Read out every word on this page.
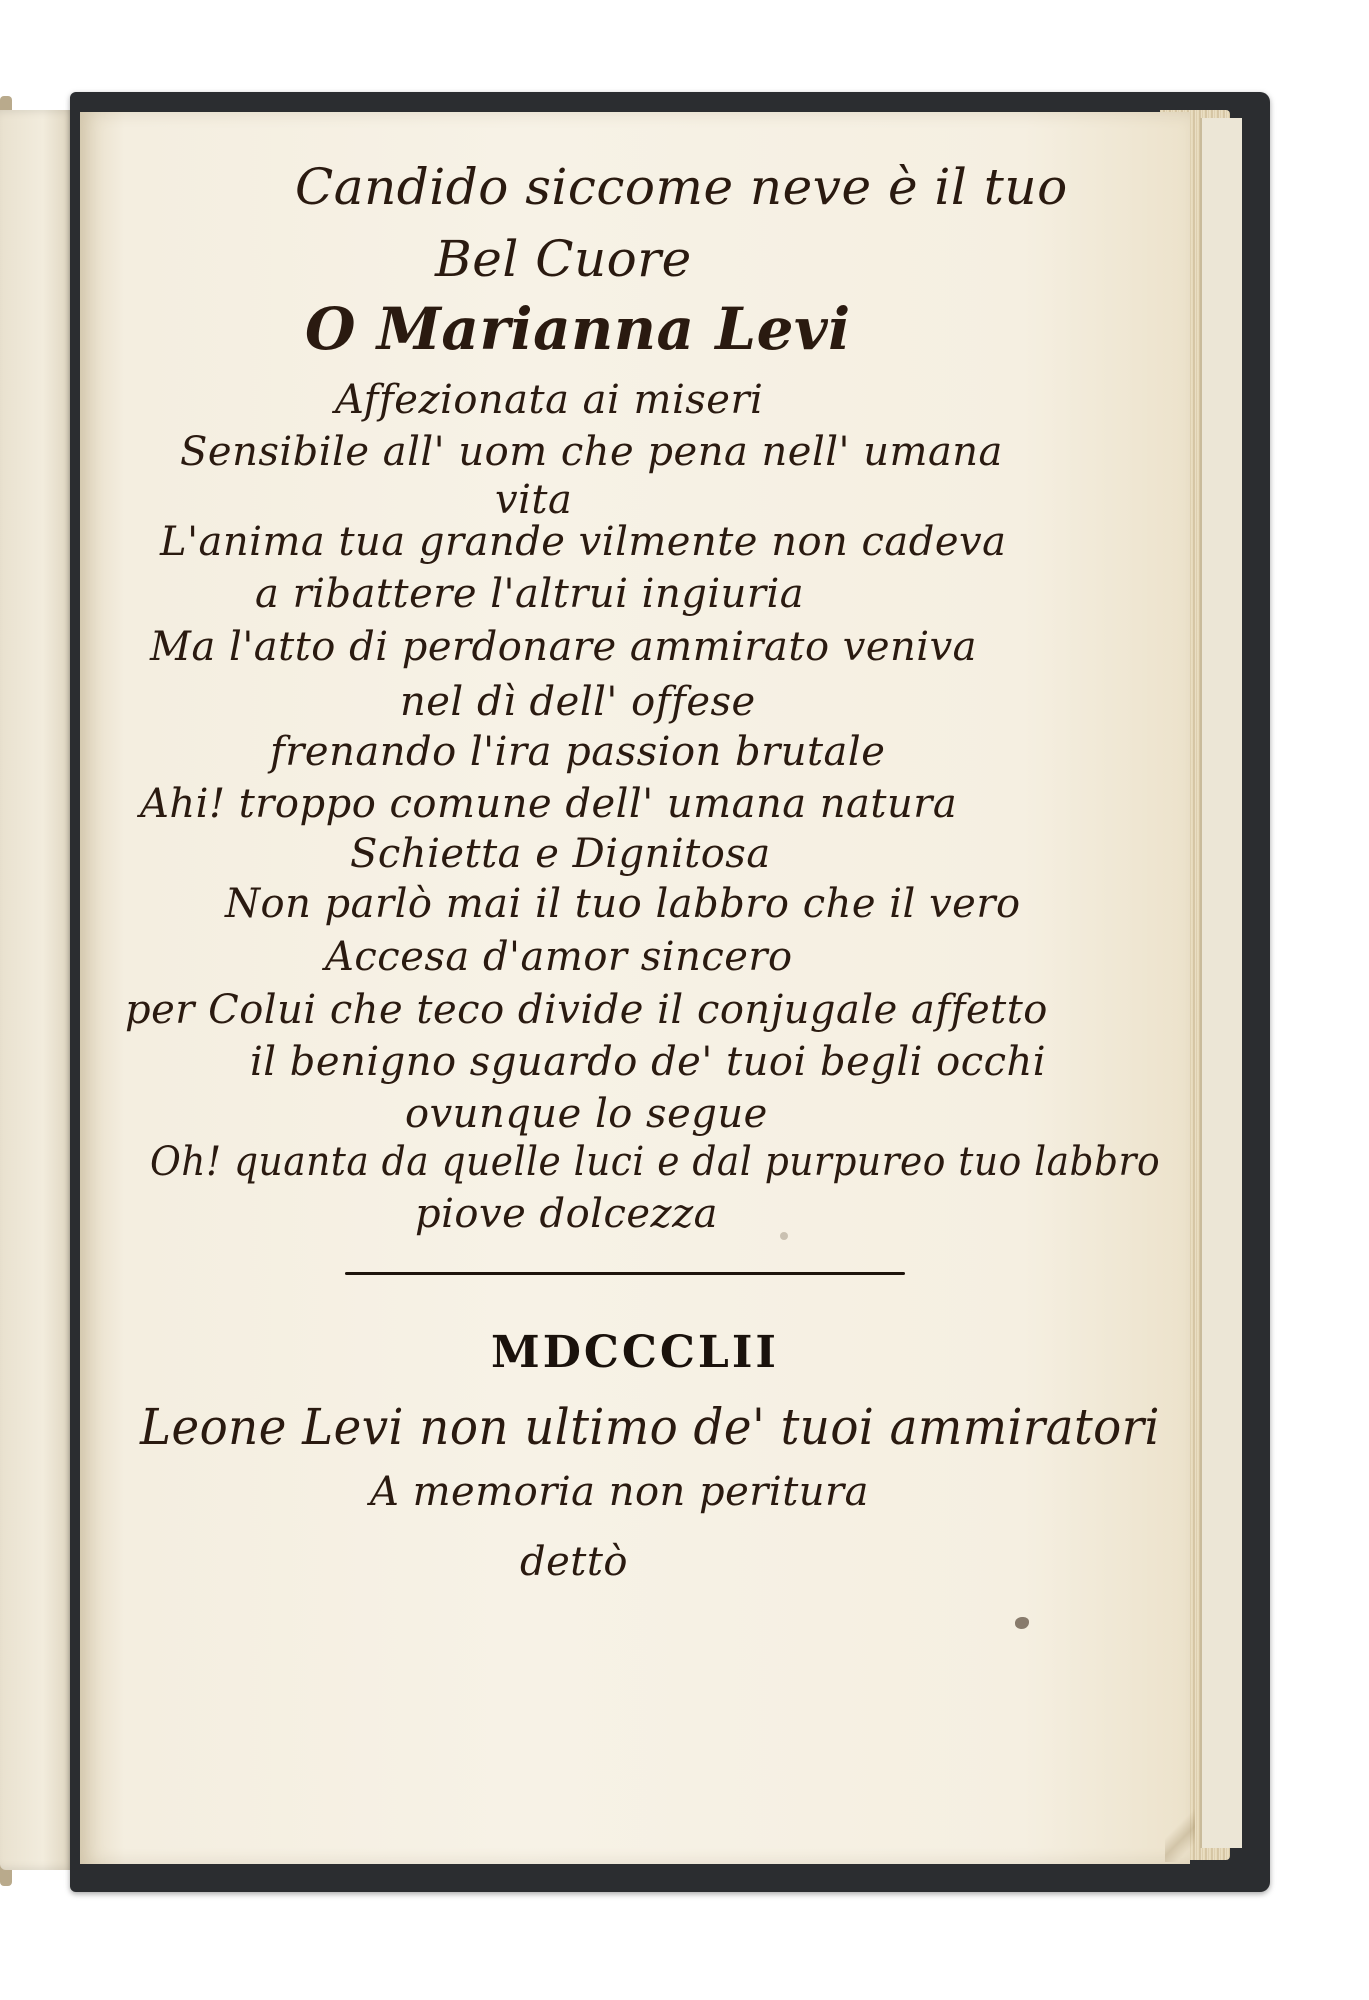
Candido siccome neve è il tuo

Bel Cuore

O Marianna Levi

Affezionata ai miseri

Sensibile all' uom che pena nell' umana

vita

L'anima tua grande vilmente non cadeva

a ribattere l'altrui ingiuria

Ma l'atto di perdonare ammirato veniva

nel dì dell' offese

frenando l'ira passion brutale

Ahi! troppo comune dell' umana natura

Schietta e Dignitosa

Non parlò mai il tuo labbro che il vero

Accesa d'amor sincero

per Colui che teco divide il conjugale affetto

il benigno sguardo de' tuoi begli occhi

ovunque lo segue

Oh! quanta da quelle luci e dal purpureo tuo labbro

piove dolcezza

MDCCCLII

Leone Levi non ultimo de' tuoi ammiratori

A memoria non peritura

dettò
